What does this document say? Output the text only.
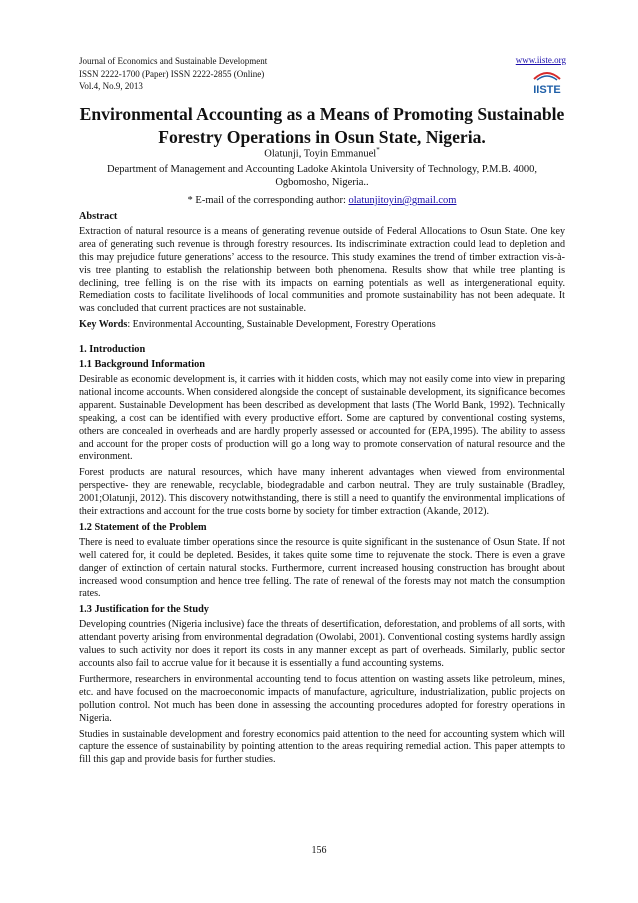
Journal of Economics and Sustainable Development
ISSN 2222-1700 (Paper) ISSN 2222-2855 (Online)
Vol.4, No.9, 2013
www.iiste.org
IISTE
Environmental Accounting as a Means of Promoting Sustainable
Forestry Operations in Osun State, Nigeria.
Olatunji, Toyin Emmanuel*
Department of Management and Accounting Ladoke Akintola University of Technology, P.M.B. 4000,
Ogbomosho, Nigeria..
* E-mail of the corresponding author: olatunjitoyin@gmail.com
Abstract

Extraction of natural resource is a means of generating revenue outside of Federal Allocations to Osun State. One key area of generating such revenue is through forestry resources. Its indiscriminate extraction could lead to depletion and this may prejudice future generations’ access to the resource. This study examines the trend of timber extraction vis-à-vis tree planting to establish the relationship between both phenomena. Results show that while tree planting is declining, tree felling is on the rise with its impacts on earning potentials as well as intergenerational equity. Remediation costs to facilitate livelihoods of local communities and promote sustainability has not been adequate. It was concluded that current practices are not sustainable.

Key Words: Environmental Accounting, Sustainable Development, Forestry Operations

1. Introduction
1.1 Background Information

Desirable as economic development is, it carries with it hidden costs, which may not easily come into view in preparing national income accounts. When considered alongside the concept of sustainable development, its significance becomes apparent. Sustainable Development has been described as development that lasts (The World Bank, 1992). Technically speaking, a cost can be identified with every productive effort. Some are captured by conventional costing systems, others are concealed in overheads and are hardly properly assessed or accounted for (EPA,1995). The ability to assess and account for the proper costs of production will go a long way to promote conservation of natural resource and the environment.

Forest products are natural resources, which have many inherent advantages when viewed from environmental perspective- they are renewable, recyclable, biodegradable and carbon neutral. They are truly sustainable (Bradley, 2001;Olatunji, 2012). This discovery notwithstanding, there is still a need to quantify the environmental implications of their extractions and account for the true costs borne by society for timber extraction (Akande, 2012).

1.2 Statement of the Problem

There is need to evaluate timber operations since the resource is quite significant in the sustenance of Osun State. If not well catered for, it could be depleted. Besides, it takes quite some time to rejuvenate the stock. There is even a grave danger of extinction of certain natural stocks. Furthermore, current increased housing construction has brought about increased wood consumption and hence tree felling. The rate of renewal of the forests may not match the consumption rates.

1.3 Justification for the Study

Developing countries (Nigeria inclusive) face the threats of desertification, deforestation, and problems of all sorts, with attendant poverty arising from environmental degradation (Owolabi, 2001). Conventional costing systems hardly assign values to such activity nor does it report its costs in any manner except as part of overheads. Similarly, public sector accounts also fail to accrue value for it because it is essentially a fund accounting systems.

Furthermore, researchers in environmental accounting tend to focus attention on wasting assets like petroleum, mines, etc. and have focused on the macroeconomic impacts of manufacture, agriculture, industrialization, public projects on pollution control. Not much has been done in assessing the accounting procedures adopted for forestry operations in Nigeria.

Studies in sustainable development and forestry economics paid attention to the need for accounting system which will capture the essence of sustainability by pointing attention to the areas requiring remedial action. This paper attempts to fill this gap and provide basis for further studies.

156
